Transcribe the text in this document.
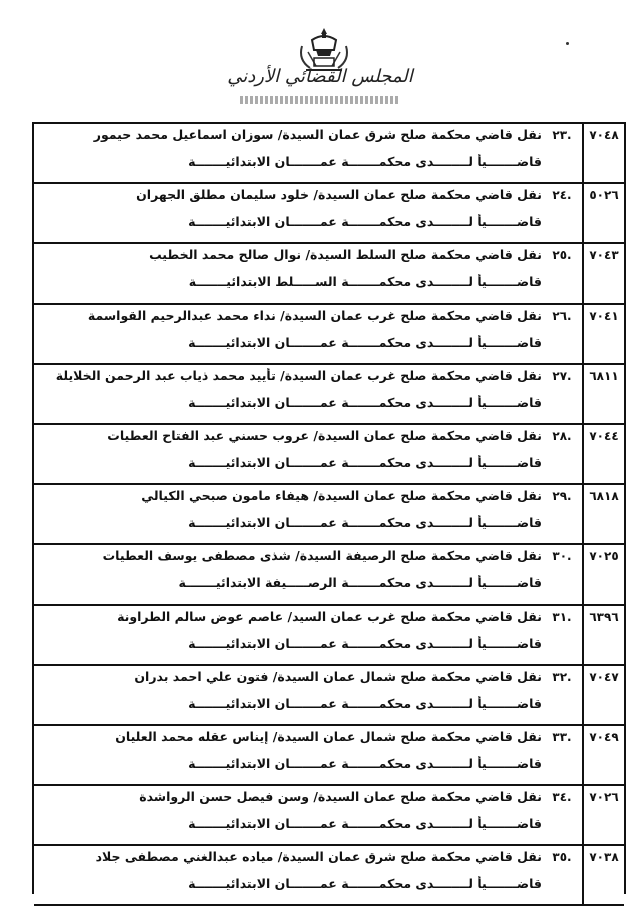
المجلس القضائي الأردني
٧٠٤٨
.٢٣
نقل قاضي محكمة صلح شرق عمان السيدة/ سوزان اسماعيل محمد حيمور
قاضـــــــيأ لــــــــدى محكمـــــــة عمـــــــان الابتدائيـــــــة
٥٠٢٦
.٢٤
نقل قاضي محكمة صلح عمان السيدة/ خلود سليمان مطلق الجهران
قاضـــــــيأ لــــــــدى محكمـــــــة عمـــــــان الابتدائيـــــــة
٧٠٤٣
.٢٥
نقل قاضي محكمة صلح السلط السيدة/ نوال صالح محمد الخطيب
قاضـــــــيأ لــــــــدى محكمـــــــة الســـــلط الابتدائيـــــــة
٧٠٤١
.٢٦
نقل قاضي محكمة صلح غرب عمان السيدة/ نداء محمد عبدالرحيم القواسمة
قاضـــــــيأ لــــــــدى محكمـــــــة عمـــــــان الابتدائيـــــــة
٦٨١١
.٢٧
نقل قاضي محكمة صلح غرب عمان السيدة/ تأييد محمد ذياب عبد الرحمن الخلايلة
قاضـــــــيأ لــــــــدى محكمـــــــة عمـــــــان الابتدائيـــــــة
٧٠٤٤
.٢٨
نقل قاضي محكمة صلح عمان السيدة/ عروب حسني عبد الفتاح العطيات
قاضـــــــيأ لــــــــدى محكمـــــــة عمـــــــان الابتدائيـــــــة
٦٨١٨
.٢٩
نقل قاضي محكمة صلح عمان السيدة/ هيفاء مامون صبحي الكيالي
قاضـــــــيأ لــــــــدى محكمـــــــة عمـــــــان الابتدائيـــــــة
٧٠٢٥
.٣٠
نقل قاضي محكمة صلح الرصيفة السيدة/ شذى مصطفى يوسف العطيات
قاضـــــــيأ لــــــــدى محكمـــــــة الرصـــــيفة الابتدائيـــــــة
٦٣٩٦
.٣١
نقل قاضي محكمة صلح غرب عمان السيد/ عاصم عوض سالم الطراونة
قاضـــــــيأ لــــــــدى محكمـــــــة عمـــــــان الابتدائيـــــــة
٧٠٤٧
.٣٢
نقل قاضي محكمة صلح شمال عمان السيدة/ فتون علي احمد بدران
قاضـــــــيأ لــــــــدى محكمـــــــة عمـــــــان الابتدائيـــــــة
٧٠٤٩
.٣٣
نقل قاضي محكمة صلح شمال عمان السيدة/ إيناس عقله محمد العليان
قاضـــــــيأ لــــــــدى محكمـــــــة عمـــــــان الابتدائيـــــــة
٧٠٢٦
.٣٤
نقل قاضي محكمة صلح عمان السيدة/ وسن فيصل حسن الرواشدة
قاضـــــــيأ لــــــــدى محكمـــــــة عمـــــــان الابتدائيـــــــة
٧٠٣٨
.٣٥
نقل قاضي محكمة صلح شرق عمان السيدة/ مياده عبدالغني مصطفى جلاد
قاضـــــــيأ لــــــــدى محكمـــــــة عمـــــــان الابتدائيـــــــة
